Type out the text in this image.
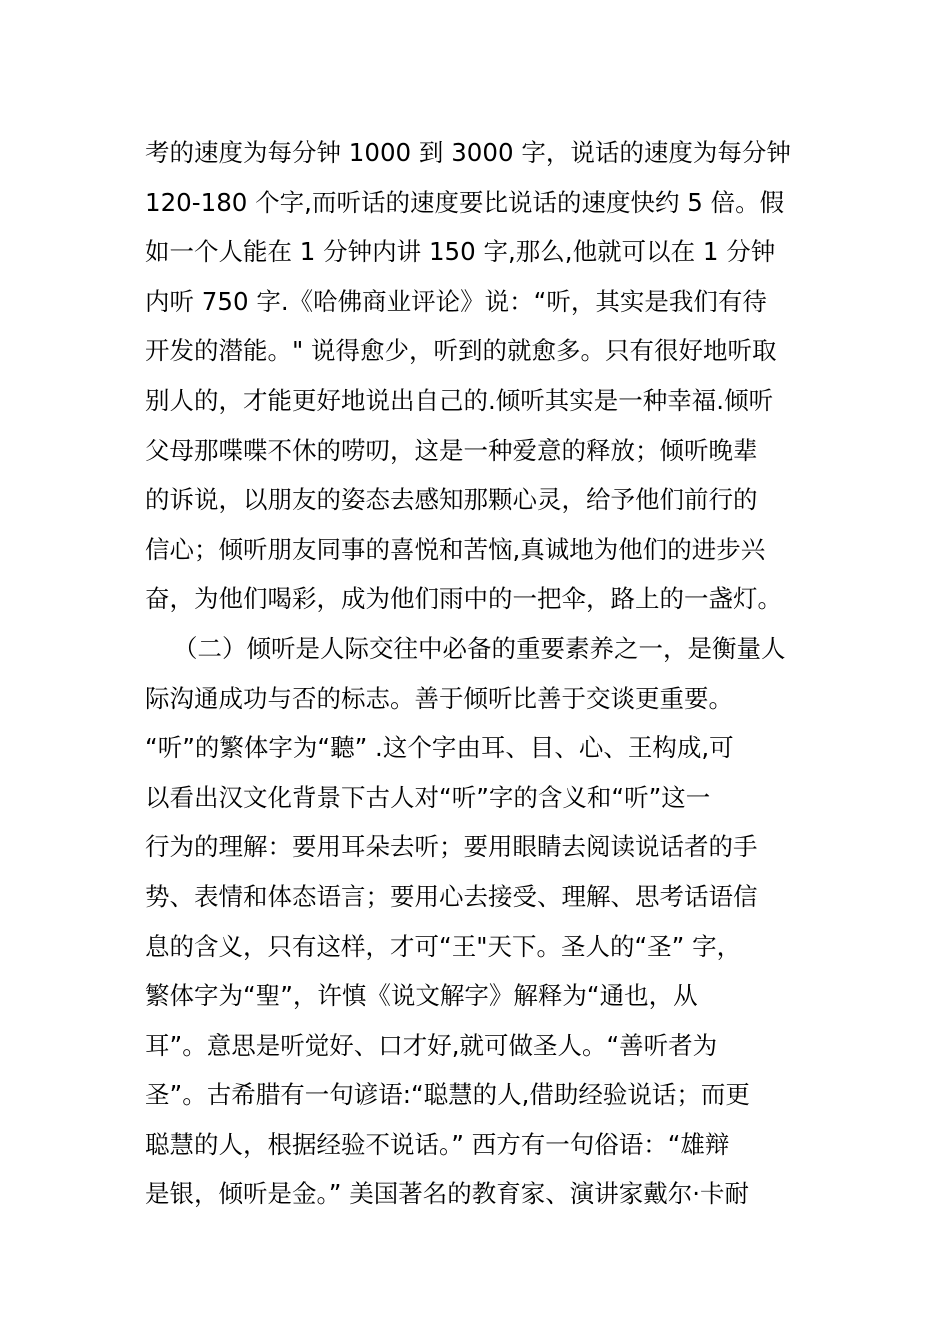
考的速度为每分钟 1000 到 3000 字，说话的速度为每分钟
120-180 个字,而听话的速度要比说话的速度快约 5 倍。假
如一个人能在 1 分钟内讲 150 字,那么,他就可以在 1 分钟
内听 750 字.《哈佛商业评论》说：“听，其实是我们有待
开发的潜能。" 说得愈少，听到的就愈多。只有很好地听取
别人的，才能更好地说出自己的.倾听其实是一种幸福.倾听
父母那喋喋不休的唠叨，这是一种爱意的释放；倾听晚辈
的诉说，以朋友的姿态去感知那颗心灵，给予他们前行的
信心；倾听朋友同事的喜悦和苦恼,真诚地为他们的进步兴
奋，为他们喝彩，成为他们雨中的一把伞，路上的一盏灯。
（二）倾听是人际交往中必备的重要素养之一，是衡量人
际沟通成功与否的标志。善于倾听比善于交谈更重要。
“听”的繁体字为“聽” .这个字由耳、目、心、王构成,可
以看出汉文化背景下古人对“听”字的含义和“听”这一
行为的理解：要用耳朵去听；要用眼睛去阅读说话者的手
势、表情和体态语言；要用心去接受、理解、思考话语信
息的含义，只有这样，才可“王"天下。圣人的“圣” 字，
繁体字为“聖”，许慎《说文解字》解释为“通也，从
耳”。意思是听觉好、口才好,就可做圣人。“善听者为
圣”。古希腊有一句谚语:“聪慧的人,借助经验说话；而更
聪慧的人，根据经验不说话。” 西方有一句俗语：“雄辩
是银，倾听是金。” 美国著名的教育家、演讲家戴尔·卡耐
